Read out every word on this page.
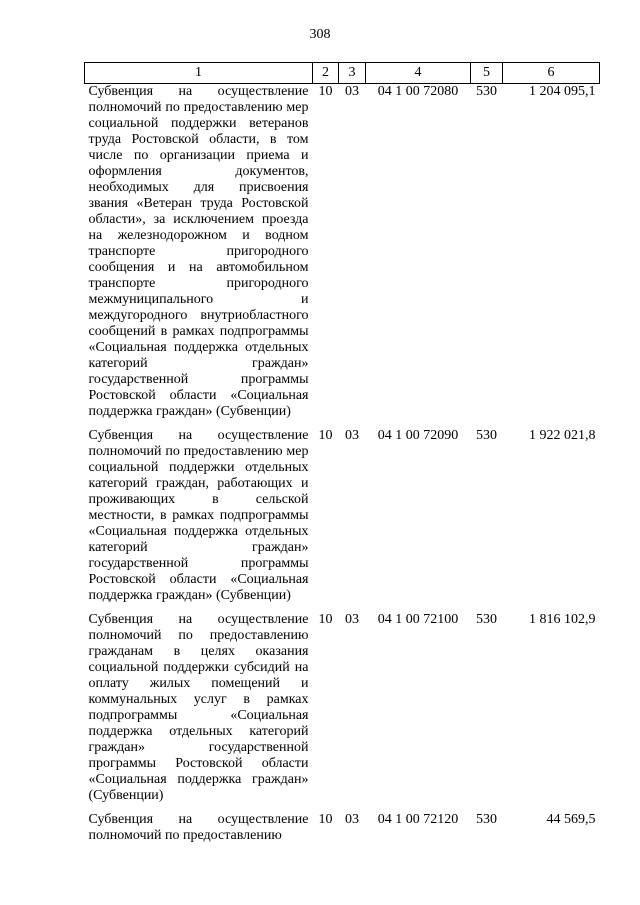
308
1	2	3	4	5	6
Субвенция на осуществление полномочий по предоставлению мер социальной поддержки ветеранов труда Ростовской области, в том числе по организации приема и оформления документов, необходимых для присвоения звания «Ветеран труда Ростовской области», за исключением проезда на железнодорожном и водном транспорте пригородного сообщения и на автомобильном транспорте пригородного межмуниципального и междугородного внутриобластного сообщений в рамках подпрограммы «Социальная поддержка отдельных категорий граждан» государственной программы Ростовской области «Социальная поддержка граждан» (Субвенции)	10	03	04 1 00 72080	530	1 204 095,1
Субвенция на осуществление полномочий по предоставлению мер социальной поддержки отдельных категорий граждан, работающих и проживающих в сельской местности, в рамках подпрограммы «Социальная поддержка отдельных категорий граждан» государственной программы Ростовской области «Социальная поддержка граждан» (Субвенции)	10	03	04 1 00 72090	530	1 922 021,8
Субвенция на осуществление полномочий по предоставлению гражданам в целях оказания социальной поддержки субсидий на оплату жилых помещений и коммунальных услуг в рамках подпрограммы «Социальная поддержка отдельных категорий граждан» государственной программы Ростовской области «Социальная поддержка граждан» (Субвенции)	10	03	04 1 00 72100	530	1 816 102,9
Субвенция на осуществление полномочий по предоставлению	10	03	04 1 00 72120	530	44 569,5
